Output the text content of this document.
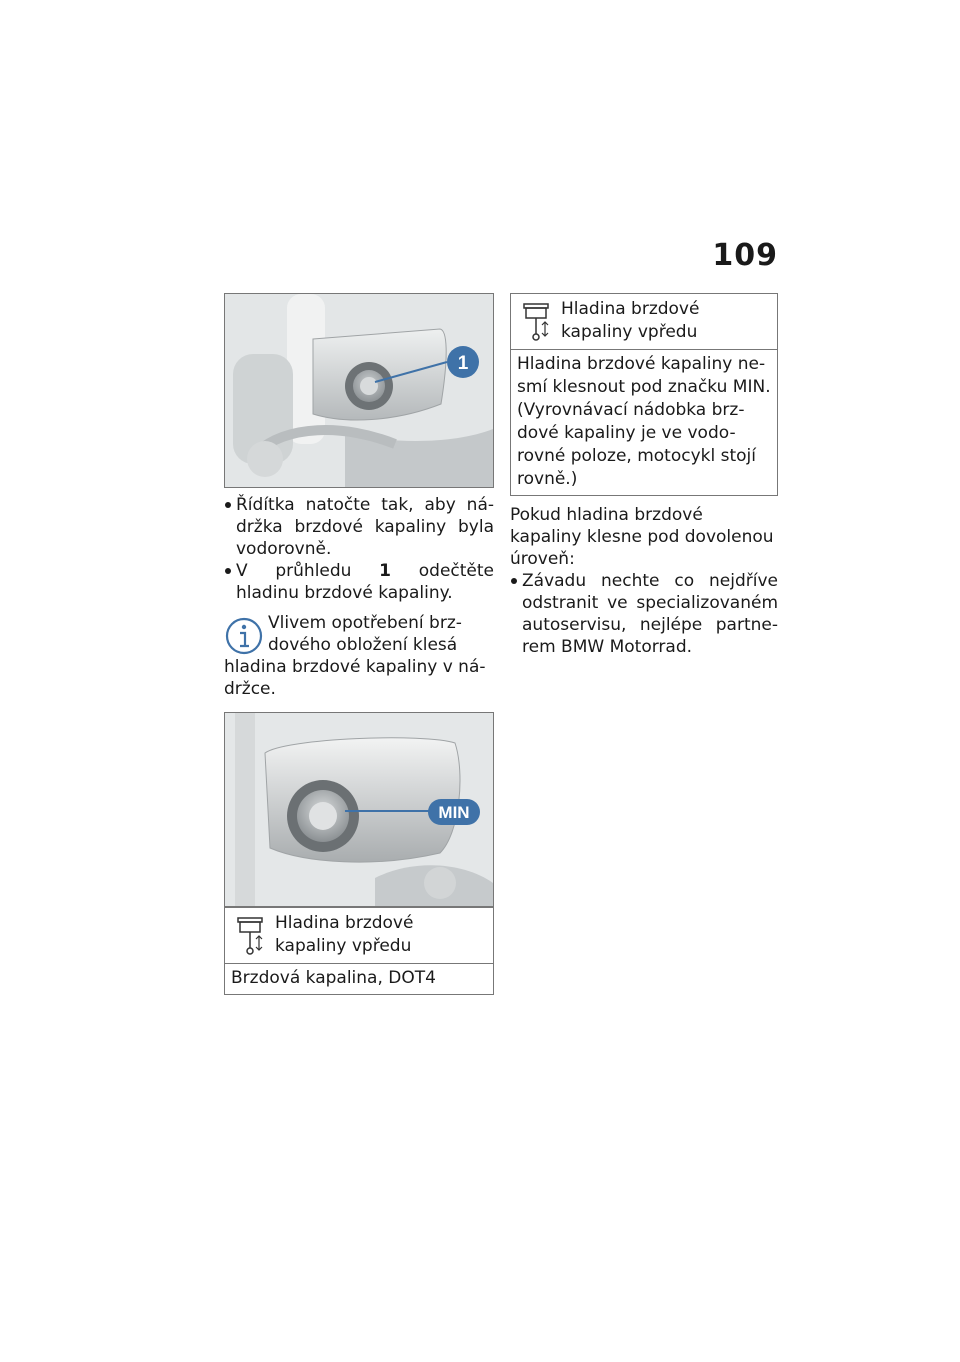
109
1
Řídítka natočte tak, aby ná-držka brzdové kapaliny byla vodorovně.
V průhledu 1 odečtěte hladinu brzdové kapaliny.
Vlivem opotřebení brz-dového obložení klesá hladina brzdové kapaliny v ná-držce.
MIN
Hladina brzdové kapaliny vpředu
Brzdová kapalina, DOT4
Hladina brzdové kapaliny vpředu
Hladina brzdové kapaliny ne-smí klesnout pod značku MIN. (Vyrovnávací nádobka brz-dové kapaliny je ve vodo-rovné poloze, motocykl stojí rovně.)

Pokud hladina brzdové kapaliny klesne pod dovolenou úroveň:

Závadu nechte co nejdříve odstranit ve specializovaném autoservisu, nejlépe partne-rem BMW Motorrad.
